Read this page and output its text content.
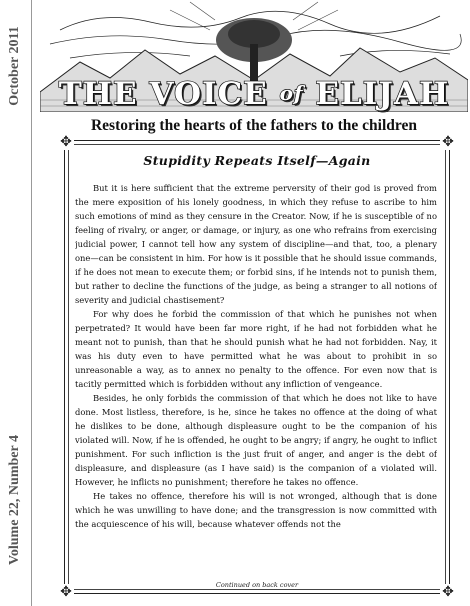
October 2011
Volume 22, Number 4
THE VOICE of ELIJAH
Restoring the hearts of the fathers to the children
✥	✥
✥	✥
Stupidity Repeats Itself—Again

But it is here sufficient that the extreme perversity of their god is proved from the mere exposition of his lonely goodness, in which they refuse to ascribe to him such emotions of mind as they censure in the Creator. Now, if he is susceptible of no feeling of rivalry, or anger, or damage, or injury, as one who refrains from exercising judicial power, I cannot tell how any system of discipline—and that, too, a plenary one—can be consistent in him. For how is it possible that he should issue commands, if he does not mean to execute them; or forbid sins, if he intends not to punish them, but rather to decline the functions of the judge, as being a stranger to all notions of severity and judicial chastisement?

For why does he forbid the commission of that which he punishes not when perpetrated? It would have been far more right, if he had not forbidden what he meant not to punish, than that he should punish what he had not forbidden. Nay, it was his duty even to have permitted what he was about to prohibit in so unreasonable a way, as to annex no penalty to the offence. For even now that is tacitly permitted which is forbidden without any infliction of vengeance.

Besides, he only forbids the commission of that which he does not like to have done. Most listless, therefore, is he, since he takes no offence at the doing of what he dislikes to be done, although displeasure ought to be the companion of his violated will. Now, if he is offended, he ought to be angry; if angry, he ought to inflict punishment. For such infliction is the just fruit of anger, and anger is the debt of displeasure, and displeasure (as I have said) is the companion of a violated will. However, he inflicts no punishment; therefore he takes no offence.

He takes no offence, therefore his will is not wronged, although that is done which he was unwilling to have done; and the transgression is now committed with the acquiescence of his will, because whatever offends not the

Continued on back cover
